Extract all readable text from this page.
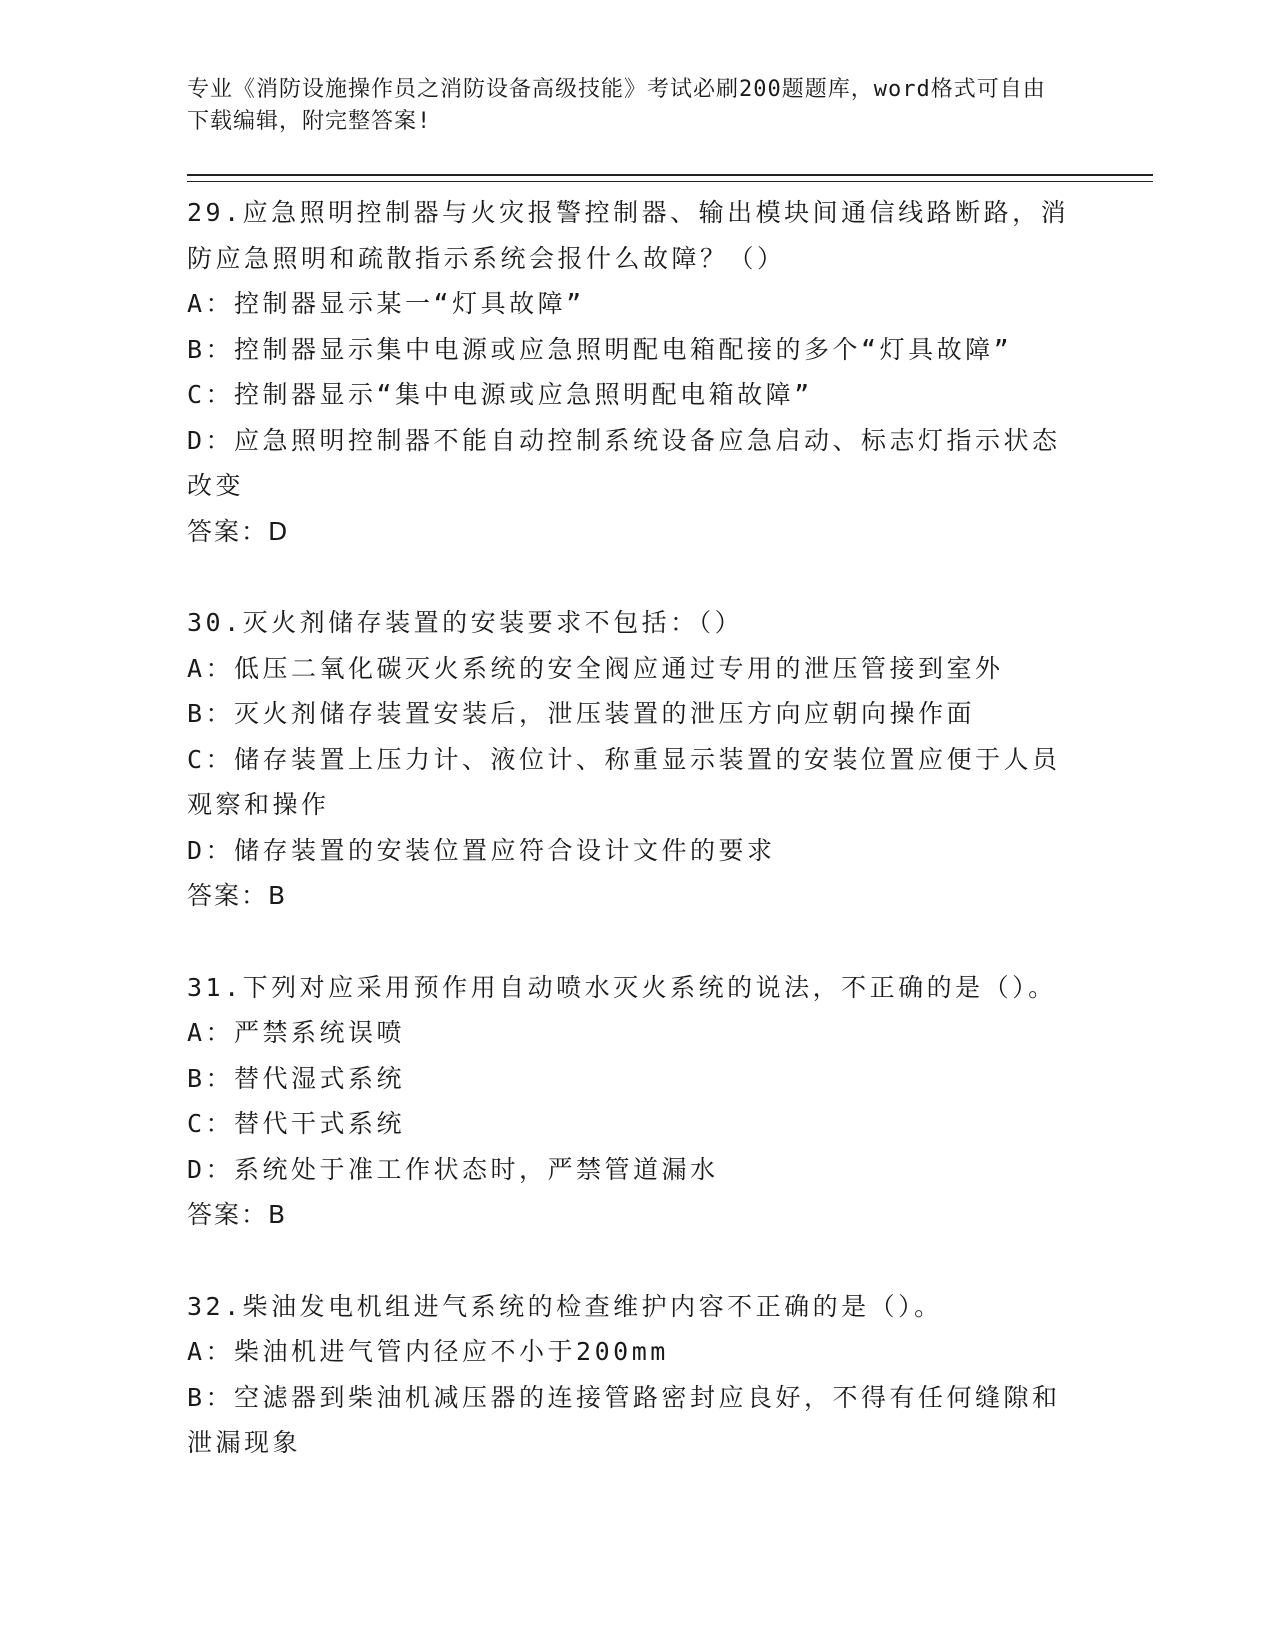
专业《消防设施操作员之消防设备高级技能》考试必刷200题题库，word格式可自由下载编辑，附完整答案!

29.应急照明控制器与火灾报警控制器、输出模块间通信线路断路，消防应急照明和疏散指示系统会报什么故障？（）

A：控制器显示某一“灯具故障”

B：控制器显示集中电源或应急照明配电箱配接的多个“灯具故障”

C：控制器显示“集中电源或应急照明配电箱故障”

D：应急照明控制器不能自动控制系统设备应急启动、标志灯指示状态改变

答案：D

30.灭火剂储存装置的安装要求不包括：（）

A：低压二氧化碳灭火系统的安全阀应通过专用的泄压管接到室外

B：灭火剂储存装置安装后，泄压装置的泄压方向应朝向操作面

C：储存装置上压力计、液位计、称重显示装置的安装位置应便于人员观察和操作

D：储存装置的安装位置应符合设计文件的要求

答案：B

31.下列对应采用预作用自动喷水灭火系统的说法，不正确的是（）。

A：严禁系统误喷

B：替代湿式系统

C：替代干式系统

D：系统处于准工作状态时，严禁管道漏水

答案：B

32.柴油发电机组进气系统的检查维护内容不正确的是（）。

A：柴油机进气管内径应不小于200mm

B：空滤器到柴油机减压器的连接管路密封应良好，不得有任何缝隙和泄漏现象
